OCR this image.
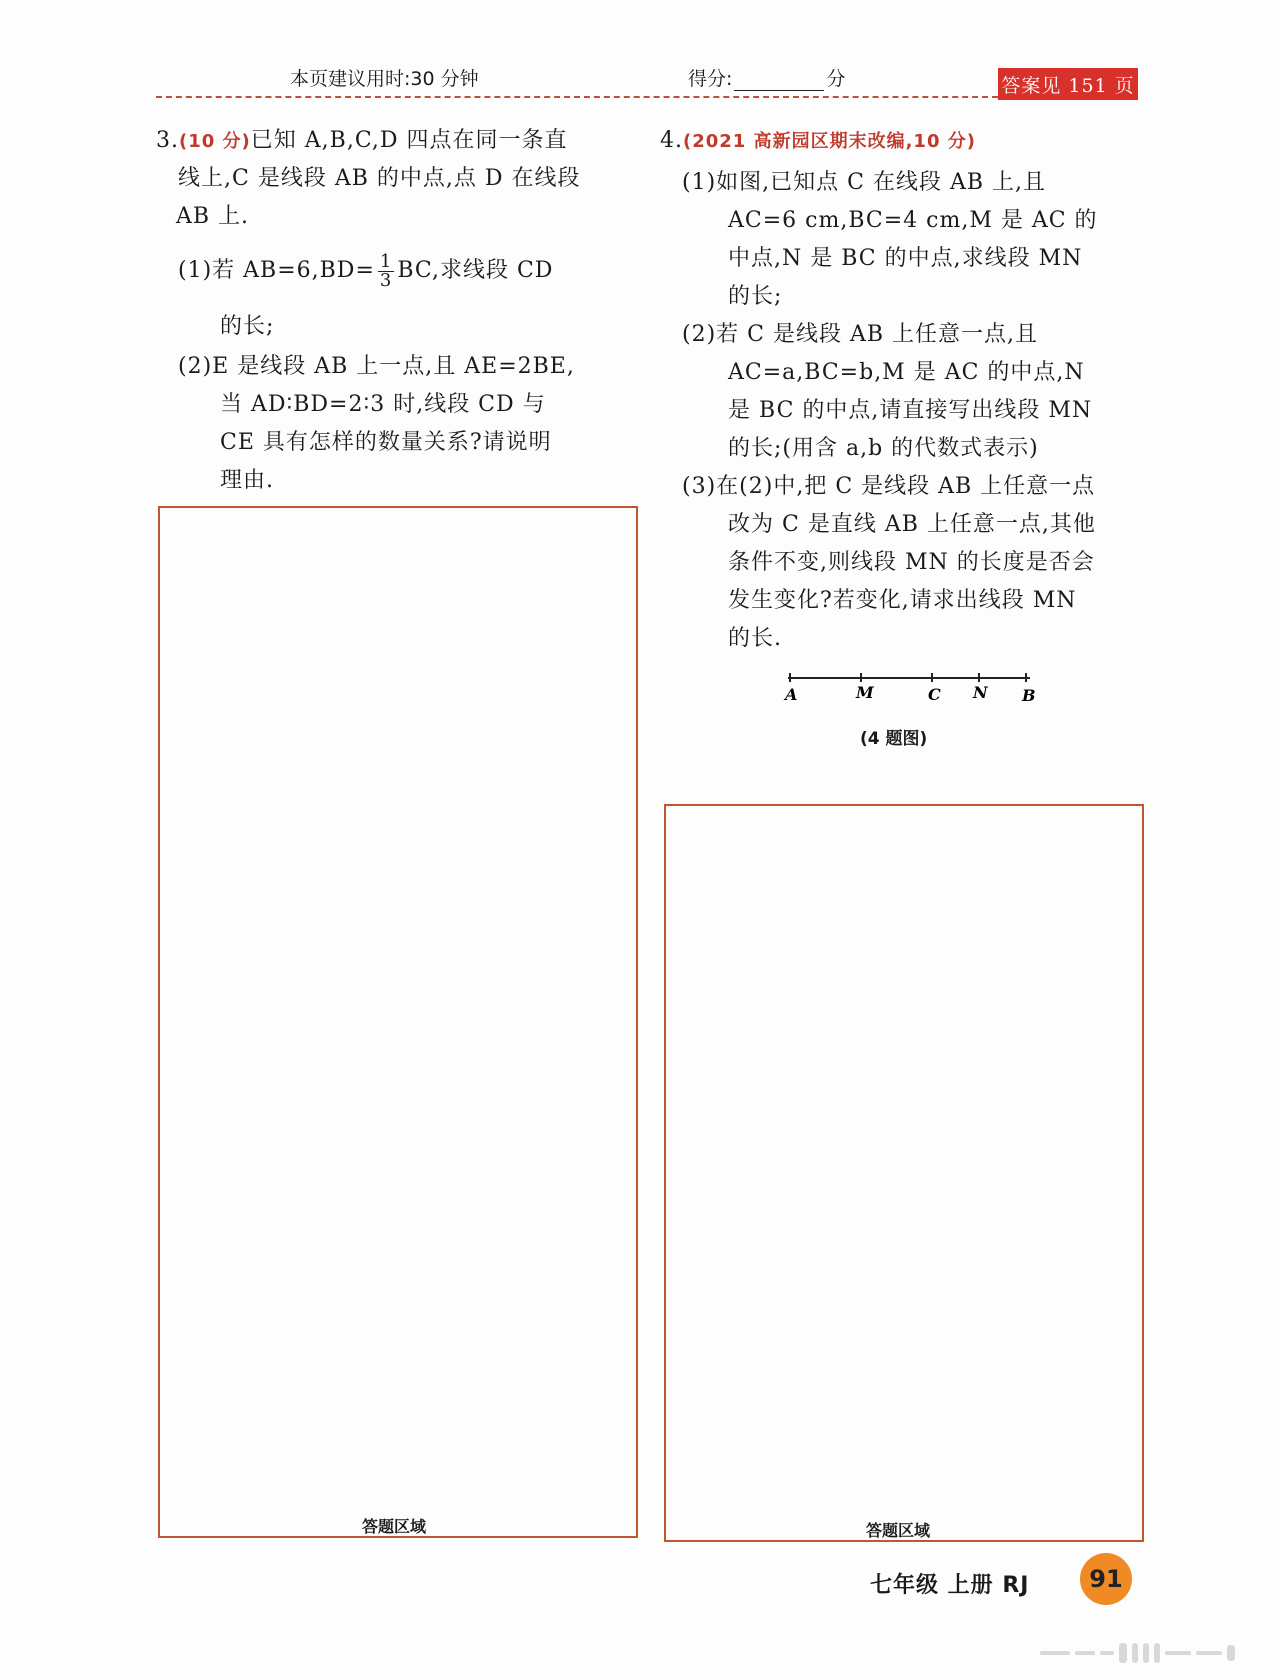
本页建议用时:30 分钟	得分:	分	答案见 151 页
3.(10 分)已知 A,B,C,D 四点在同一条直
线上,C 是线段 AB 的中点,点 D 在线段
AB 上.
(1)若 $AB=6,BD= \frac{1}{3}$ BC,求线段 CD
的长;
(2)E 是线段 AB 上一点,且 AE=2BE,
当 AD∶BD=2∶3 时,线段 CD 与
CE 具有怎样的数量关系?请说明
理由.
4.(2021 高新园区期末改编,10 分)
(1)如图,已知点 C 在线段 AB 上,且
AC=6 cm,BC=4 cm,M 是 AC 的
中点,N 是 BC 的中点,求线段 MN
的长;
(2)若 C 是线段 AB 上任意一点,且
AC=a,BC=b,M 是 AC 的中点,N
是 BC 的中点,请直接写出线段 MN
的长;(用含 a,b 的代数式表示)
(3)在(2)中,把 C 是线段 AB 上任意一点
改为 C 是直线 AB 上任意一点,其他
条件不变,则线段 MN 的长度是否会
发生变化?若变化,请求出线段 MN
的长.
A	M	C N B
(4 题图)
答题区域	答题区域
七年级 上册 RJ	91
